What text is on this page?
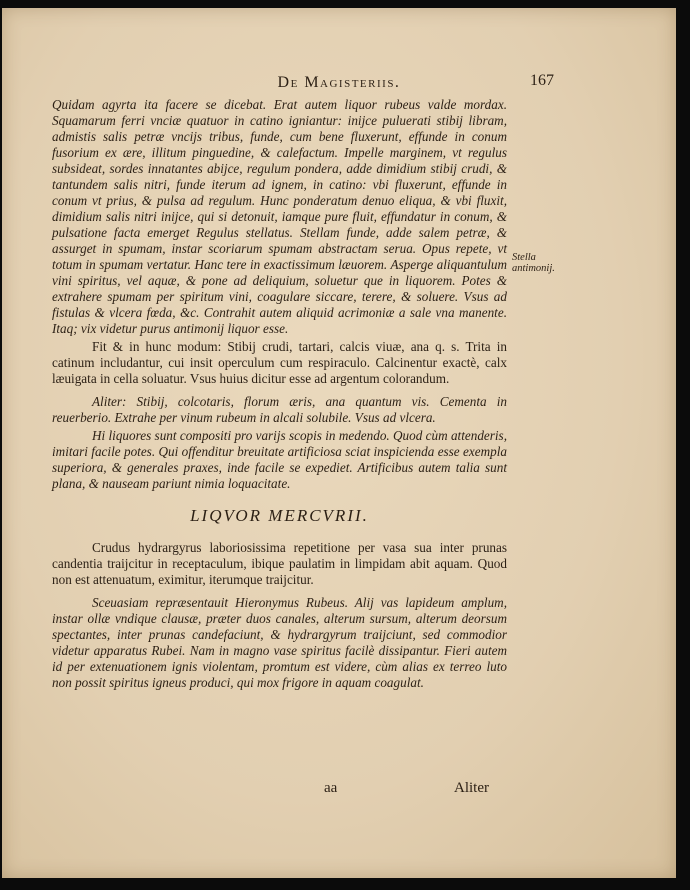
De Magisteriis.	167

Quidam agyrta ita facere se dicebat. Erat autem liquor rubeus valde mordax. Squamarum ferri vnciæ quatuor in catino igniantur: inijce puluerati stibij libram, admistis salis petræ vncijs tribus, funde, cum bene fluxerunt, effunde in conum fusorium ex ære, illitum pinguedine, & calefactum. Impelle marginem, vt regulus subsideat, sordes innatantes abijce, regulum pondera, adde dimidium stibij crudi, & tantundem salis nitri, funde iterum ad ignem, in catino: vbi fluxerunt, effunde in conum vt prius, & pulsa ad regulum. Hunc ponderatum denuo eliqua, & vbi fluxit, dimidium salis nitri inijce, qui si detonuit, iamque pure fluit, effundatur in conum, & pulsatione facta emerget Regulus stellatus. Stellam funde, adde salem petræ, & assurget in spumam, instar scoriarum spumam abstractam serua. Opus repete, vt totum in spumam vertatur. Hanc tere in exactissimum læuorem. Asperge aliquantulum vini spiritus, vel aquæ, & pone ad deliquium, soluetur que in liquorem. Potes & extrahere spumam per spiritum vini, coagulare siccare, terere, & soluere. Vsus ad fistulas & vlcera fœda, &c. Contrahit autem aliquid acrimoniæ a sale vna manente. Itaq; vix videtur purus antimonij liquor esse.

Fit & in hunc modum: Stibij crudi, tartari, calcis viuæ, ana q. s. Trita in catinum includantur, cui insit operculum cum respiraculo. Calcinentur exactè, calx læuigata in cella soluatur. Vsus huius dicitur esse ad argentum colorandum.

Aliter: Stibij, colcotaris, florum æris, ana quantum vis. Cementa in reuerberio. Extrahe per vinum rubeum in alcali solubile. Vsus ad vlcera.

Hi liquores sunt compositi pro varijs scopis in medendo. Quod cùm attenderis, imitari facile potes. Qui offenditur breuitate artificiosa sciat inspicienda esse exempla superiora, & generales praxes, inde facile se expediet. Artificibus autem talia sunt plana, & nauseam pariunt nimia loquacitate.

LIQVOR MERCVRII.

Crudus hydrargyrus laboriosissima repetitione per vasa sua inter prunas candentia traijcitur in receptaculum, ibique paulatim in limpidam abit aquam. Quod non est attenuatum, eximitur, iterumque traijcitur.

Sceuasiam repræsentauit Hieronymus Rubeus. Alij vas lapideum amplum, instar ollæ vndique clausæ, præter duos canales, alterum sursum, alterum deorsum spectantes, inter prunas candefaciunt, & hydrargyrum traijciunt, sed commodior videtur apparatus Rubei. Nam in magno vase spiritus facilè dissipantur. Fieri autem id per extenuationem ignis violentam, promtum est videre, cùm alias ex terreo luto non possit spiritus igneus produci, qui mox frigore in aquam coagulat.

Stella antimonij.
aa	Aliter
